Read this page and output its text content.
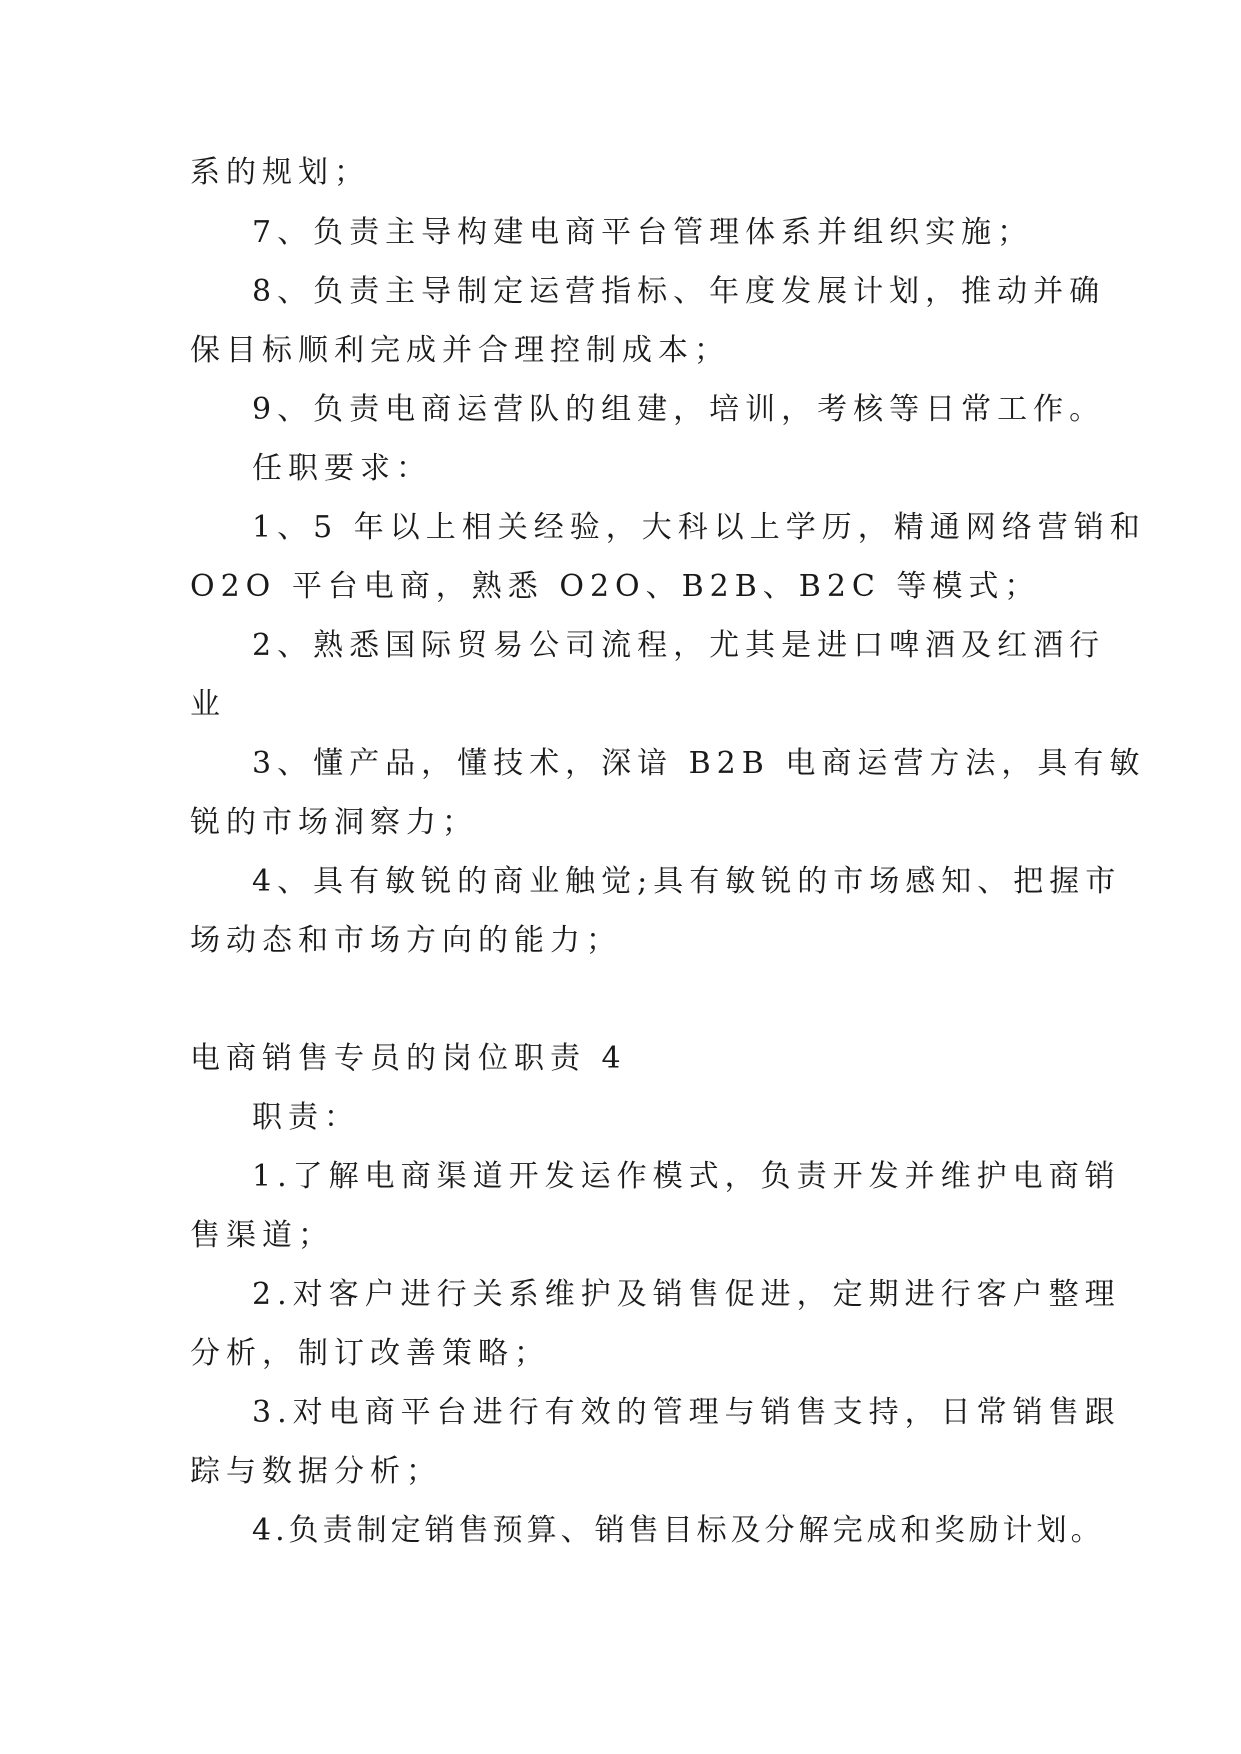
系的规划；
7、负责主导构建电商平台管理体系并组织实施；
8、负责主导制定运营指标、年度发展计划，推动并确
保目标顺利完成并合理控制成本；
9、负责电商运营队的组建，培训，考核等日常工作。
任职要求：
1、5 年以上相关经验，大科以上学历，精通网络营销和
O2O 平台电商，熟悉 O2O、B2B、B2C 等模式；
2、熟悉国际贸易公司流程，尤其是进口啤酒及红酒行
业
3、懂产品，懂技术，深谙 B2B 电商运营方法，具有敏
锐的市场洞察力；
4、具有敏锐的商业触觉;具有敏锐的市场感知、把握市
场动态和市场方向的能力；
电商销售专员的岗位职责 4
职责：
1.了解电商渠道开发运作模式，负责开发并维护电商销
售渠道；
2.对客户进行关系维护及销售促进，定期进行客户整理
分析，制订改善策略；
3.对电商平台进行有效的管理与销售支持，日常销售跟
踪与数据分析；
4.负责制定销售预算、销售目标及分解完成和奖励计划。
